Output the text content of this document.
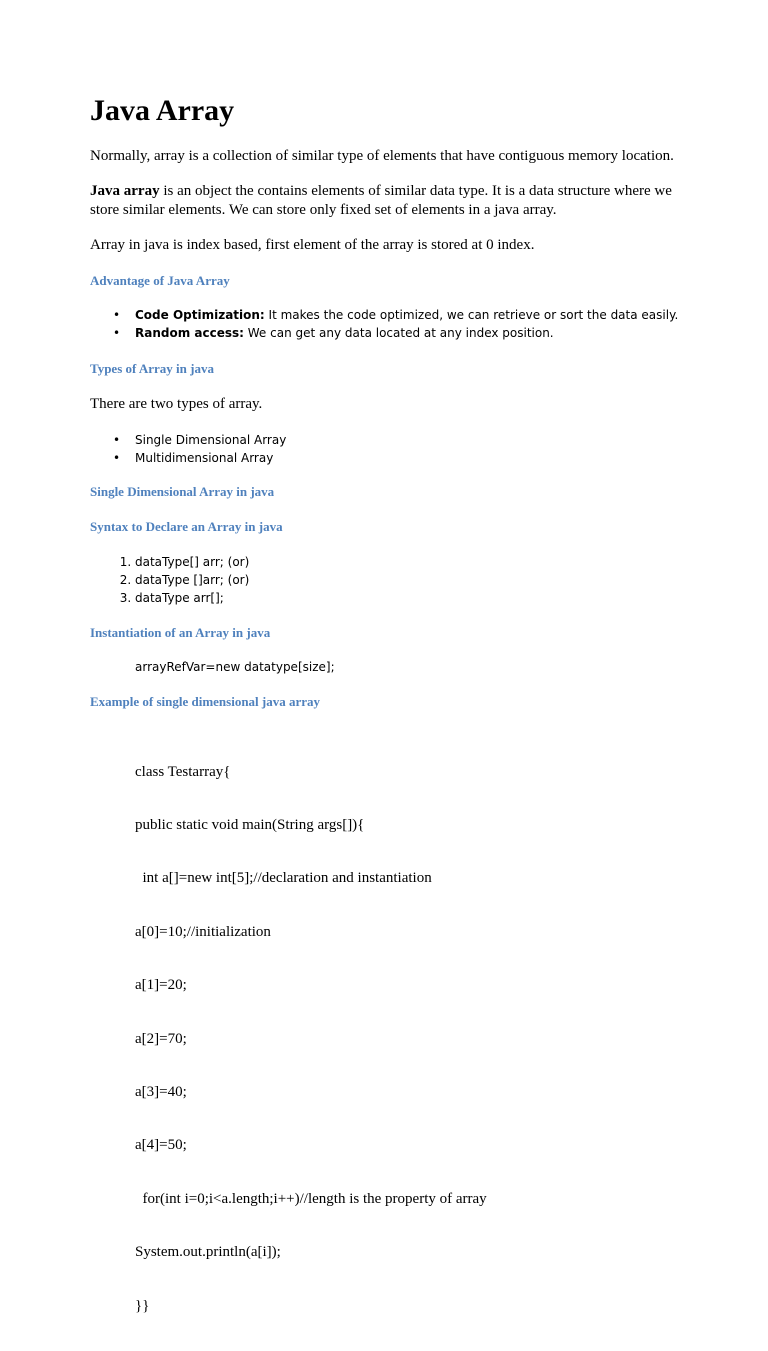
Java Array

Normally, array is a collection of similar type of elements that have contiguous memory location.

Java array is an object the contains elements of similar data type. It is a data structure where we store similar elements. We can store only fixed set of elements in a java array.

Array in java is index based, first element of the array is stored at 0 index.

Advantage of Java Array
• Code Optimization: It makes the code optimized, we can retrieve or sort the data easily.
• Random access: We can get any data located at any index position.
Types of Array in java

There are two types of array.

• Single Dimensional Array
• Multidimensional Array
Single Dimensional Array in java
Syntax to Declare an Array in java
1. dataType[] arr; (or)
2. dataType []arr; (or)
3. dataType arr[];
Instantiation of an Array in java
arrayRefVar=new datatype[size];
Example of single dimensional java array

class Testarray{

public static void main(String args[]){

int a[]=new int[5];//declaration and instantiation

a[0]=10;//initialization

a[1]=20;

a[2]=70;

a[3]=40;

a[4]=50;

for(int i=0;i<a.length;i++)//length is the property of array

System.out.println(a[i]);

}}
